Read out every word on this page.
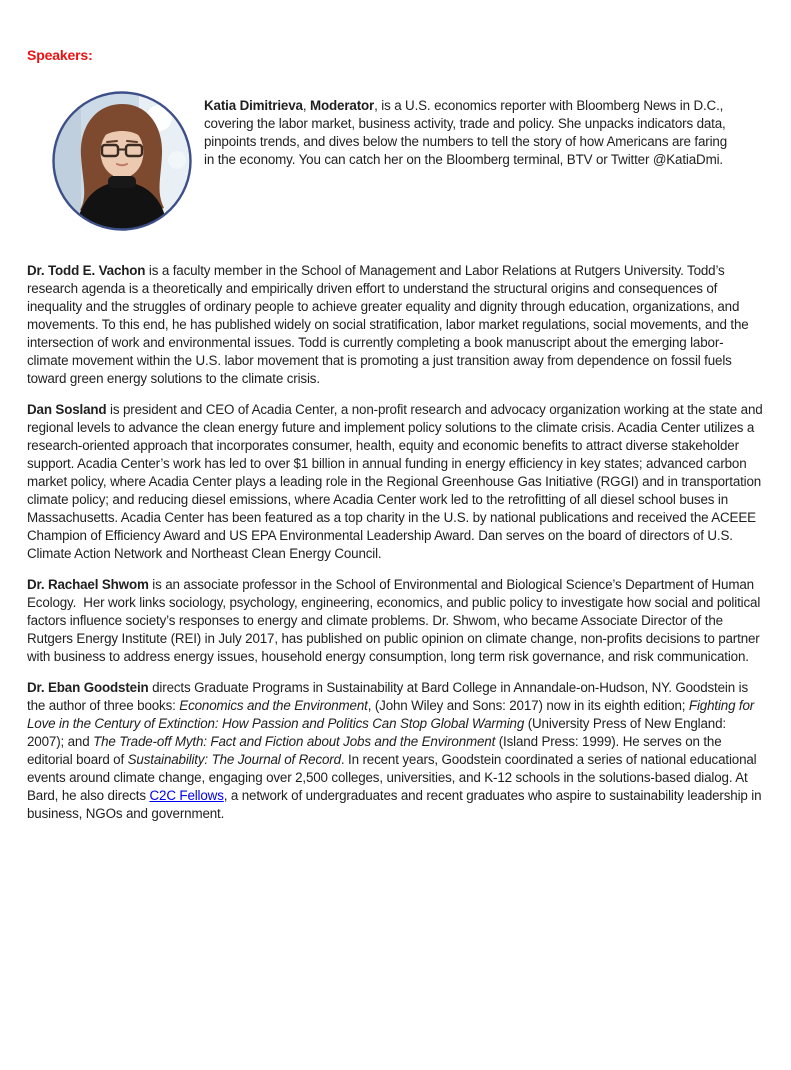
Speakers:

Katia Dimitrieva, Moderator, is a U.S. economics reporter with Bloomberg News in D.C., covering the labor market, business activity, trade and policy. She unpacks indicators data, pinpoints trends, and dives below the numbers to tell the story of how Americans are faring in the economy. You can catch her on the Bloomberg terminal, BTV or Twitter @KatiaDmi.

Dr. Todd E. Vachon is a faculty member in the School of Management and Labor Relations at Rutgers University. Todd’s research agenda is a theoretically and empirically driven effort to understand the structural origins and consequences of inequality and the struggles of ordinary people to achieve greater equality and dignity through education, organizations, and movements. To this end, he has published widely on social stratification, labor market regulations, social movements, and the intersection of work and environmental issues. Todd is currently completing a book manuscript about the emerging labor-climate movement within the U.S. labor movement that is promoting a just transition away from dependence on fossil fuels toward green energy solutions to the climate crisis.

Dan Sosland is president and CEO of Acadia Center, a non-profit research and advocacy organization working at the state and regional levels to advance the clean energy future and implement policy solutions to the climate crisis. Acadia Center utilizes a research-oriented approach that incorporates consumer, health, equity and economic benefits to attract diverse stakeholder support. Acadia Center’s work has led to over $1 billion in annual funding in energy efficiency in key states; advanced carbon market policy, where Acadia Center plays a leading role in the Regional Greenhouse Gas Initiative (RGGI) and in transportation climate policy; and reducing diesel emissions, where Acadia Center work led to the retrofitting of all diesel school buses in Massachusetts. Acadia Center has been featured as a top charity in the U.S. by national publications and received the ACEEE Champion of Efficiency Award and US EPA Environmental Leadership Award. Dan serves on the board of directors of U.S. Climate Action Network and Northeast Clean Energy Council.

Dr. Rachael Shwom is an associate professor in the School of Environmental and Biological Science’s Department of Human Ecology.  Her work links sociology, psychology, engineering, economics, and public policy to investigate how social and political factors influence society’s responses to energy and climate problems. Dr. Shwom, who became Associate Director of the Rutgers Energy Institute (REI) in July 2017, has published on public opinion on climate change, non-profits decisions to partner with business to address energy issues, household energy consumption, long term risk governance, and risk communication.

Dr. Eban Goodstein directs Graduate Programs in Sustainability at Bard College in Annandale-on-Hudson, NY. Goodstein is the author of three books: Economics and the Environment, (John Wiley and Sons: 2017) now in its eighth edition; Fighting for Love in the Century of Extinction: How Passion and Politics Can Stop Global Warming (University Press of New England: 2007); and The Trade-off Myth: Fact and Fiction about Jobs and the Environment (Island Press: 1999). He serves on the editorial board of Sustainability: The Journal of Record. In recent years, Goodstein coordinated a series of national educational events around climate change, engaging over 2,500 colleges, universities, and K-12 schools in the solutions-based dialog. At Bard, he also directs C2C Fellows, a network of undergraduates and recent graduates who aspire to sustainability leadership in business, NGOs and government.
